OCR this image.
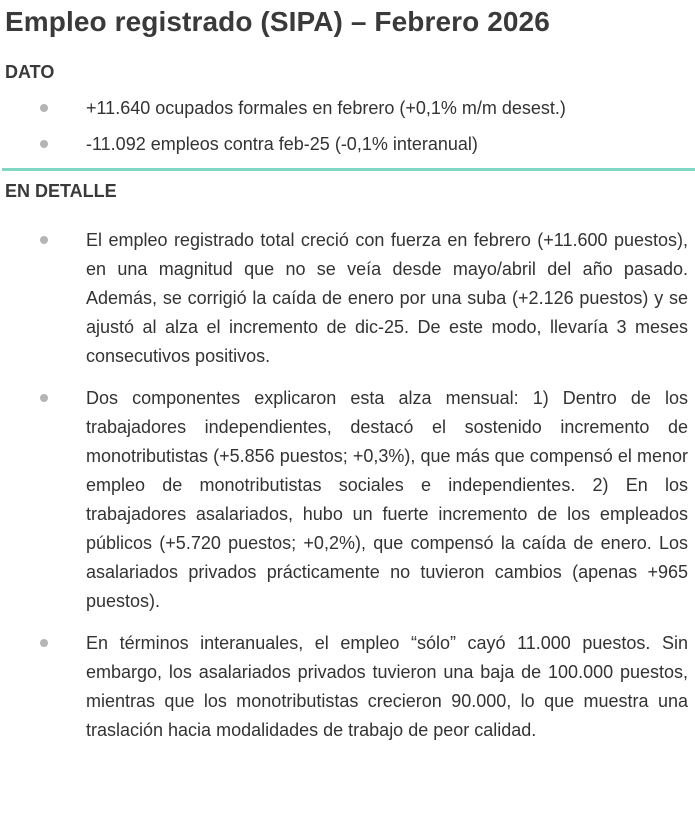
Empleo registrado (SIPA) – Febrero 2026
DATO
+11.640 ocupados formales en febrero (+0,1% m/m desest.)
-11.092 empleos contra feb-25 (-0,1% interanual)
EN DETALLE
El empleo registrado total creció con fuerza en febrero (+11.600 puestos), en una magnitud que no se veía desde mayo/abril del año pasado. Además, se corrigió la caída de enero por una suba (+2.126 puestos) y se ajustó al alza el incremento de dic-25. De este modo, llevaría 3 meses consecutivos positivos.
Dos componentes explicaron esta alza mensual: 1) Dentro de los trabajadores independientes, destacó el sostenido incremento de monotributistas (+5.856 puestos; +0,3%), que más que compensó el menor empleo de monotributistas sociales e independientes. 2) En los trabajadores asalariados, hubo un fuerte incremento de los empleados públicos (+5.720 puestos; +0,2%), que compensó la caída de enero. Los asalariados privados prácticamente no tuvieron cambios (apenas +965 puestos).
En términos interanuales, el empleo “sólo” cayó 11.000 puestos. Sin embargo, los asalariados privados tuvieron una baja de 100.000 puestos, mientras que los monotributistas crecieron 90.000, lo que muestra una traslación hacia modalidades de trabajo de peor calidad.
